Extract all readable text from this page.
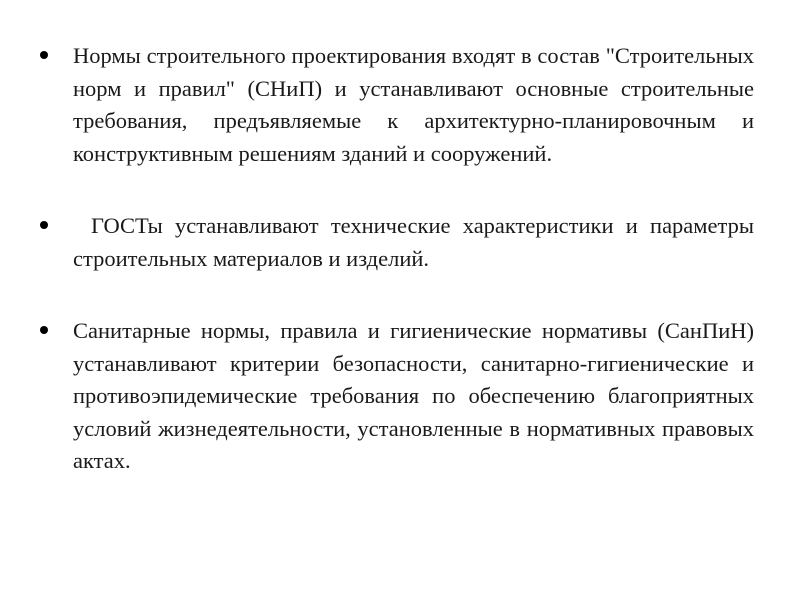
Нормы строительного проектирования входят в состав "Строительных норм и правил" (СНиП) и устанавливают основные строительные требования, предъявляемые к архитектурно-планировочным и конструктивным решениям зданий и сооружений.
ГОСТы устанавливают технические характеристики и параметры строительных материалов и изделий.
Санитарные нормы, правила и гигиенические нормативы (СанПиН) устанавливают критерии безопасности, санитарно-гигиенические и противоэпидемические требования по обеспечению благоприятных условий жизнедеятельности, установленные в нормативных правовых актах.
